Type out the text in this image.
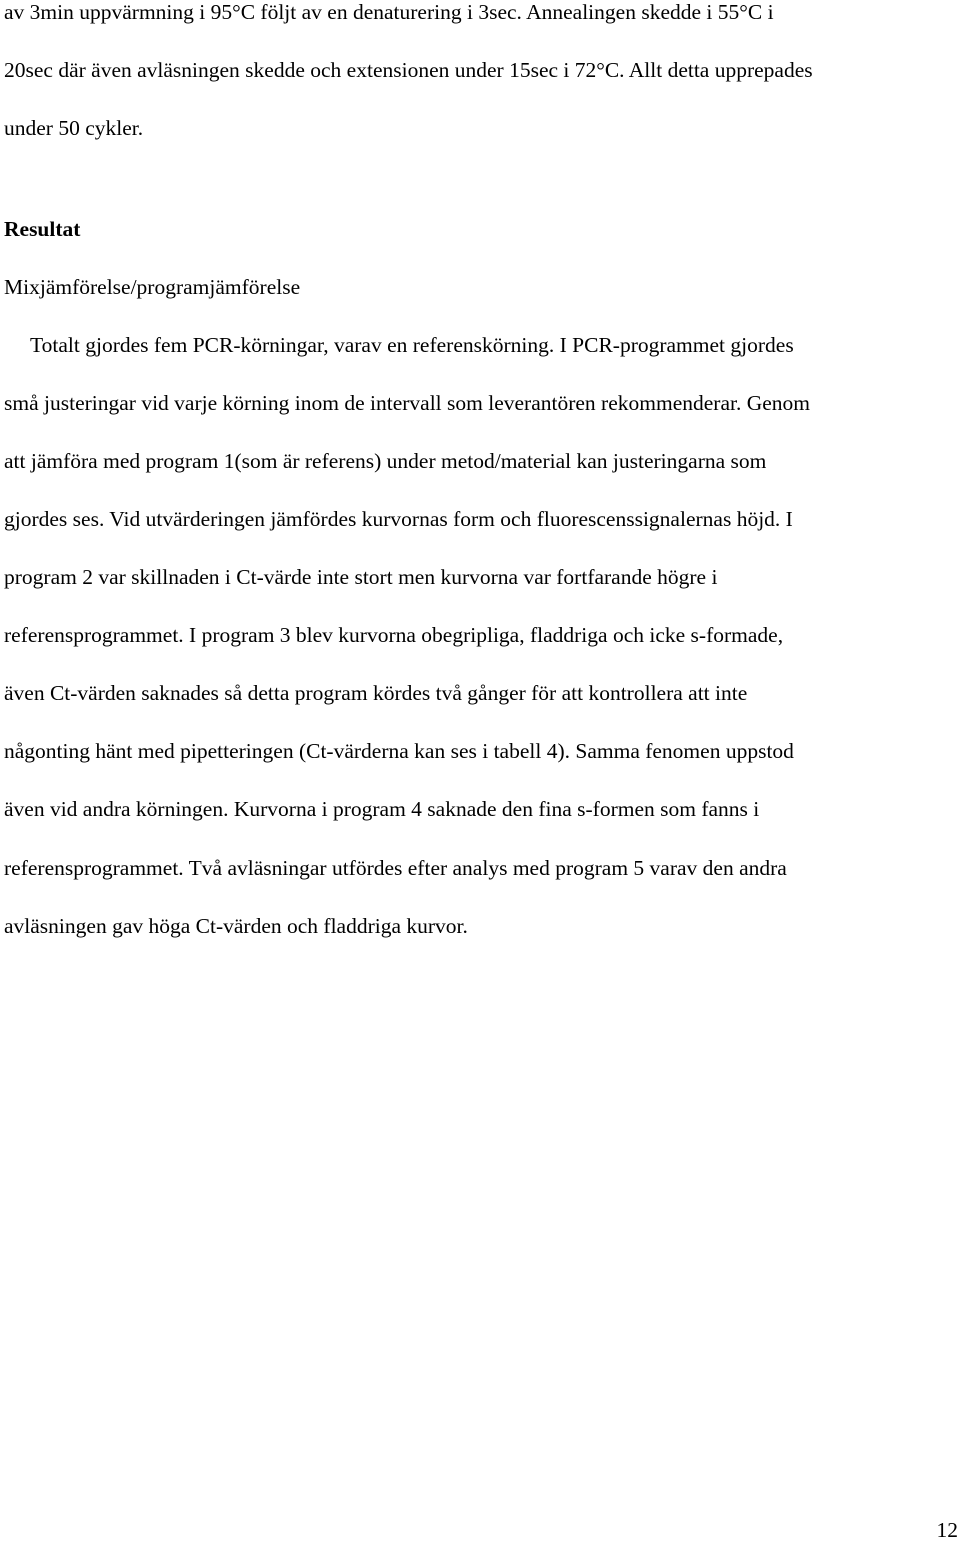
av 3min uppvärmning i 95°C följt av en denaturering i 3sec. Annealingen skedde i 55°C i
20sec där även avläsningen skedde och extensionen under 15sec i 72°C. Allt detta upprepades
under 50 cykler.
Resultat
Mixjämförelse/programjämförelse
Totalt gjordes fem PCR-körningar, varav en referenskörning. I PCR-programmet gjordes
små justeringar vid varje körning inom de intervall som leverantören rekommenderar. Genom
att jämföra med program 1(som är referens) under metod/material kan justeringarna som
gjordes ses. Vid utvärderingen jämfördes kurvornas form och fluorescenssignalernas höjd. I
program 2 var skillnaden i Ct-värde inte stort men kurvorna var fortfarande högre i
referensprogrammet. I program 3 blev kurvorna obegripliga, fladdriga och icke s-formade,
även Ct-värden saknades så detta program kördes två gånger för att kontrollera att inte
någonting hänt med pipetteringen (Ct-värderna kan ses i tabell 4). Samma fenomen uppstod
även vid andra körningen. Kurvorna i program 4 saknade den fina s-formen som fanns i
referensprogrammet. Två avläsningar utfördes efter analys med program 5 varav den andra
avläsningen gav höga Ct-värden och fladdriga kurvor.
12
